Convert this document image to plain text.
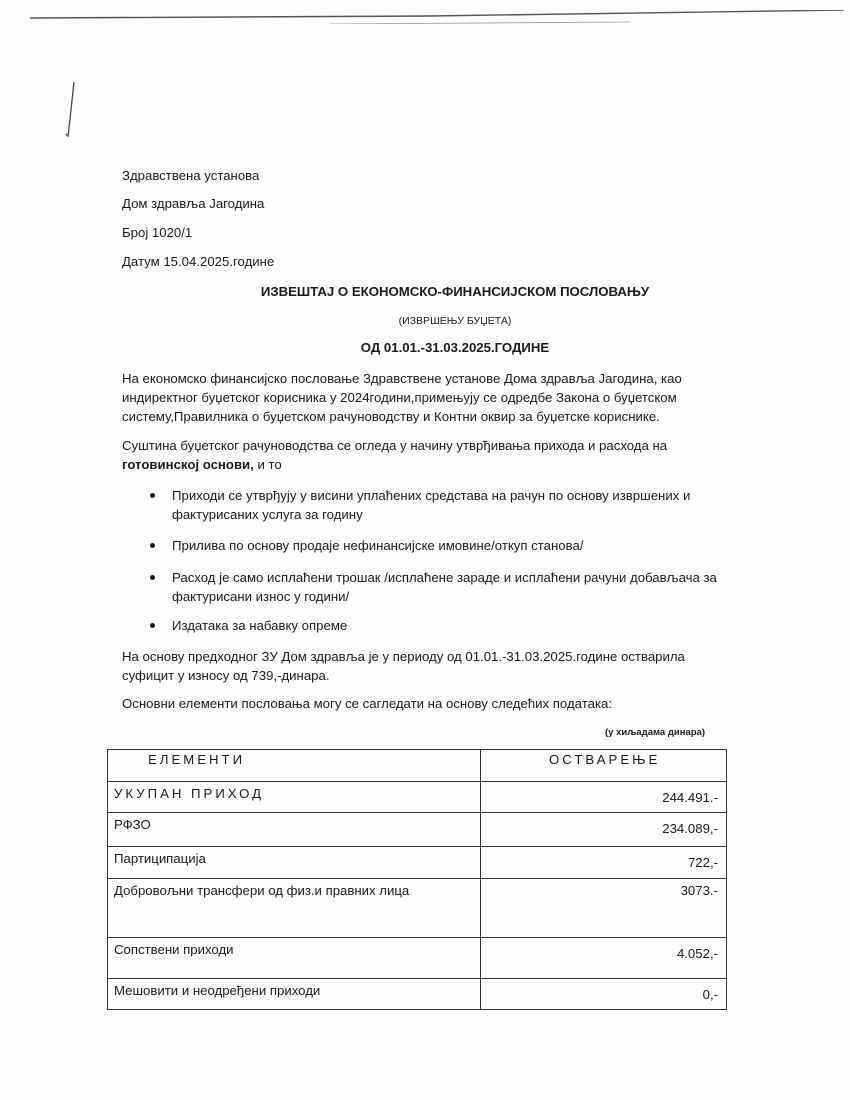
Здравствена установа

Дом здравља Јагодина

Број 1020/1

Датум 15.04.2025.године

ИЗВЕШТАЈ О ЕКОНОМСКО-ФИНАНСИЈСКОМ ПОСЛОВАЊУ

(ИЗВРШЕЊУ БУЏЕТА)

ОД 01.01.-31.03.2025.ГОДИНЕ

На економско финансијско пословање Здравствене установе Дома здравља Јагодина, као индиректног буџетског корисника у 2024години,примењују се одредбе Закона о буџетском систему,Правилника о буџетском рачуноводству и Контни оквир за буџетске кориснике.

Суштина буџетског рачуноводства се огледа у начину утврђивања прихода и расхода на готовинској основи, и то

Приходи се утврђују у висини уплаћених средстава на рачун по основу извршених и фактурисаних услуга за годину
Прилива по основу продаје нефинансијске имовине/откуп станова/
Расход је само исплаћени трошак /исплаћене зараде и исплаћени рачуни добављача за фактурисани износ у години/
Издатака за набавку опреме

На основу предходног ЗУ Дом здравља је у периоду од 01.01.-31.03.2025.године остварила суфицит у износу од 739,-динара.

Основни елементи пословања могу се сагледати на основу следећих података:

(у хиљадама динара)
ЕЛЕМЕНТИ	ОСТВАРЕЊЕ
УКУПАН ПРИХОД	244.491.-
РФЗО	234.089,-
Партиципација	722,-
Добровољни трансфери од физ.и правних лица	3073.-
Сопствени приходи	4.052,-
Мешовити и неодређени приходи	0,-
